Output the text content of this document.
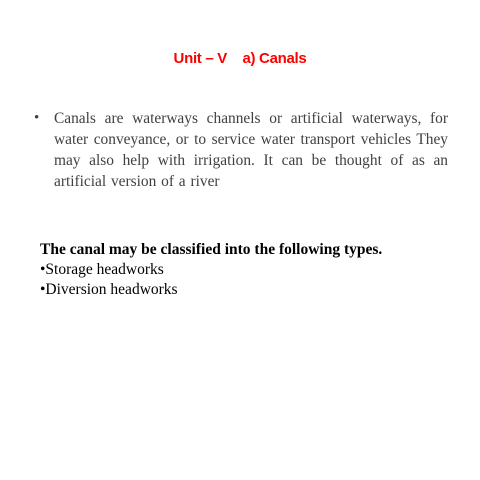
Unit – V    a) Canals
• Canals are waterways channels or artificial waterways, for water conveyance, or to service water transport vehicles They may also help with irrigation. It can be thought of as an artificial version of a river
The canal may be classified into the following types.
•Storage headworks
•Diversion headworks
